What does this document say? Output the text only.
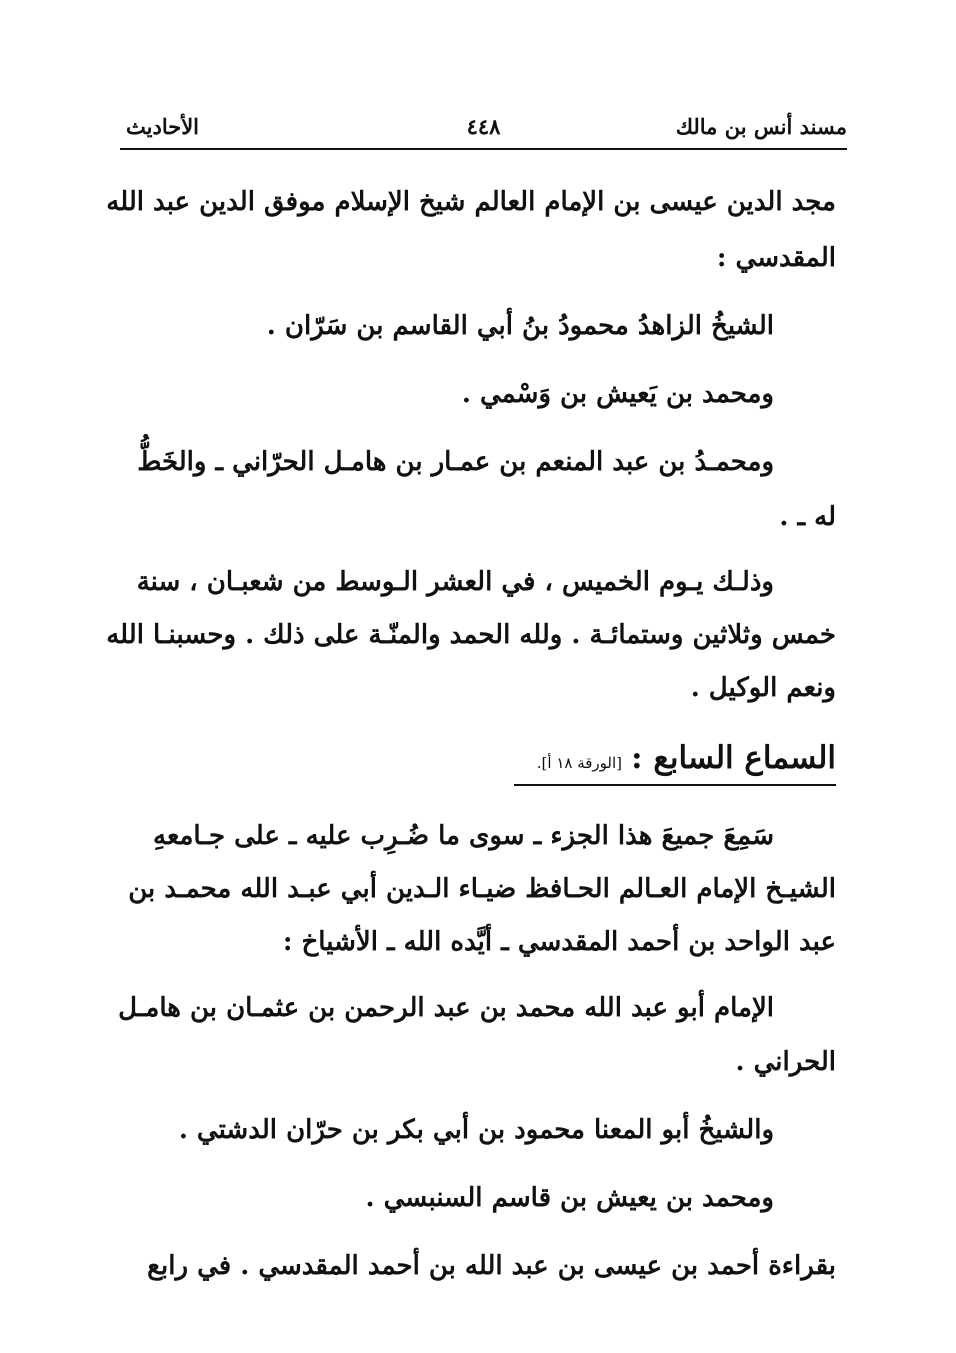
مسند أنس بن مالك
٤٤٨
الأحاديث
مجد الدين عيسى بن الإمام العالم شيخ الإسلام موفق الدين عبد الله
المقدسي :
الشيخُ الزاهدُ محمودُ بنُ أبي القاسم بن سَرّان .
ومحمد بن يَعيش بن وَسْمي .
ومحمـدُ بن عبد المنعم بن عمـار بن هامـل الحرّاني ـ والخَطُّ
له ـ .
وذلـك يـوم الخميس ، في العشر الـوسط من شعبـان ، سنة
خمس وثلاثين وستمائـة . ولله الحمد والمنّـة على ذلك . وحسبنـا الله
ونعم الوكيل .
السماع السابع : [الورقة ١٨ أ].
سَمِعَ جميعَ هذا الجزء ـ سوى ما ضُـرِب عليه ـ على جـامعهِ
الشيـخ الإمام العـالم الحـافظ ضيـاء الـدين أبي عبـد الله محمـد بن
عبد الواحد بن أحمد المقدسي ـ أيَّده الله ـ الأشياخ :
الإمام أبو عبد الله محمد بن عبد الرحمن بن عثمـان بن هامـل
الحراني .
والشيخُ أبو المعنا محمود بن أبي بكر بن حرّان الدشتي .
ومحمد بن يعيش بن قاسم السنبسي .
بقراءة أحمد بن عيسى بن عبد الله بن أحمد المقدسي . في رابع
